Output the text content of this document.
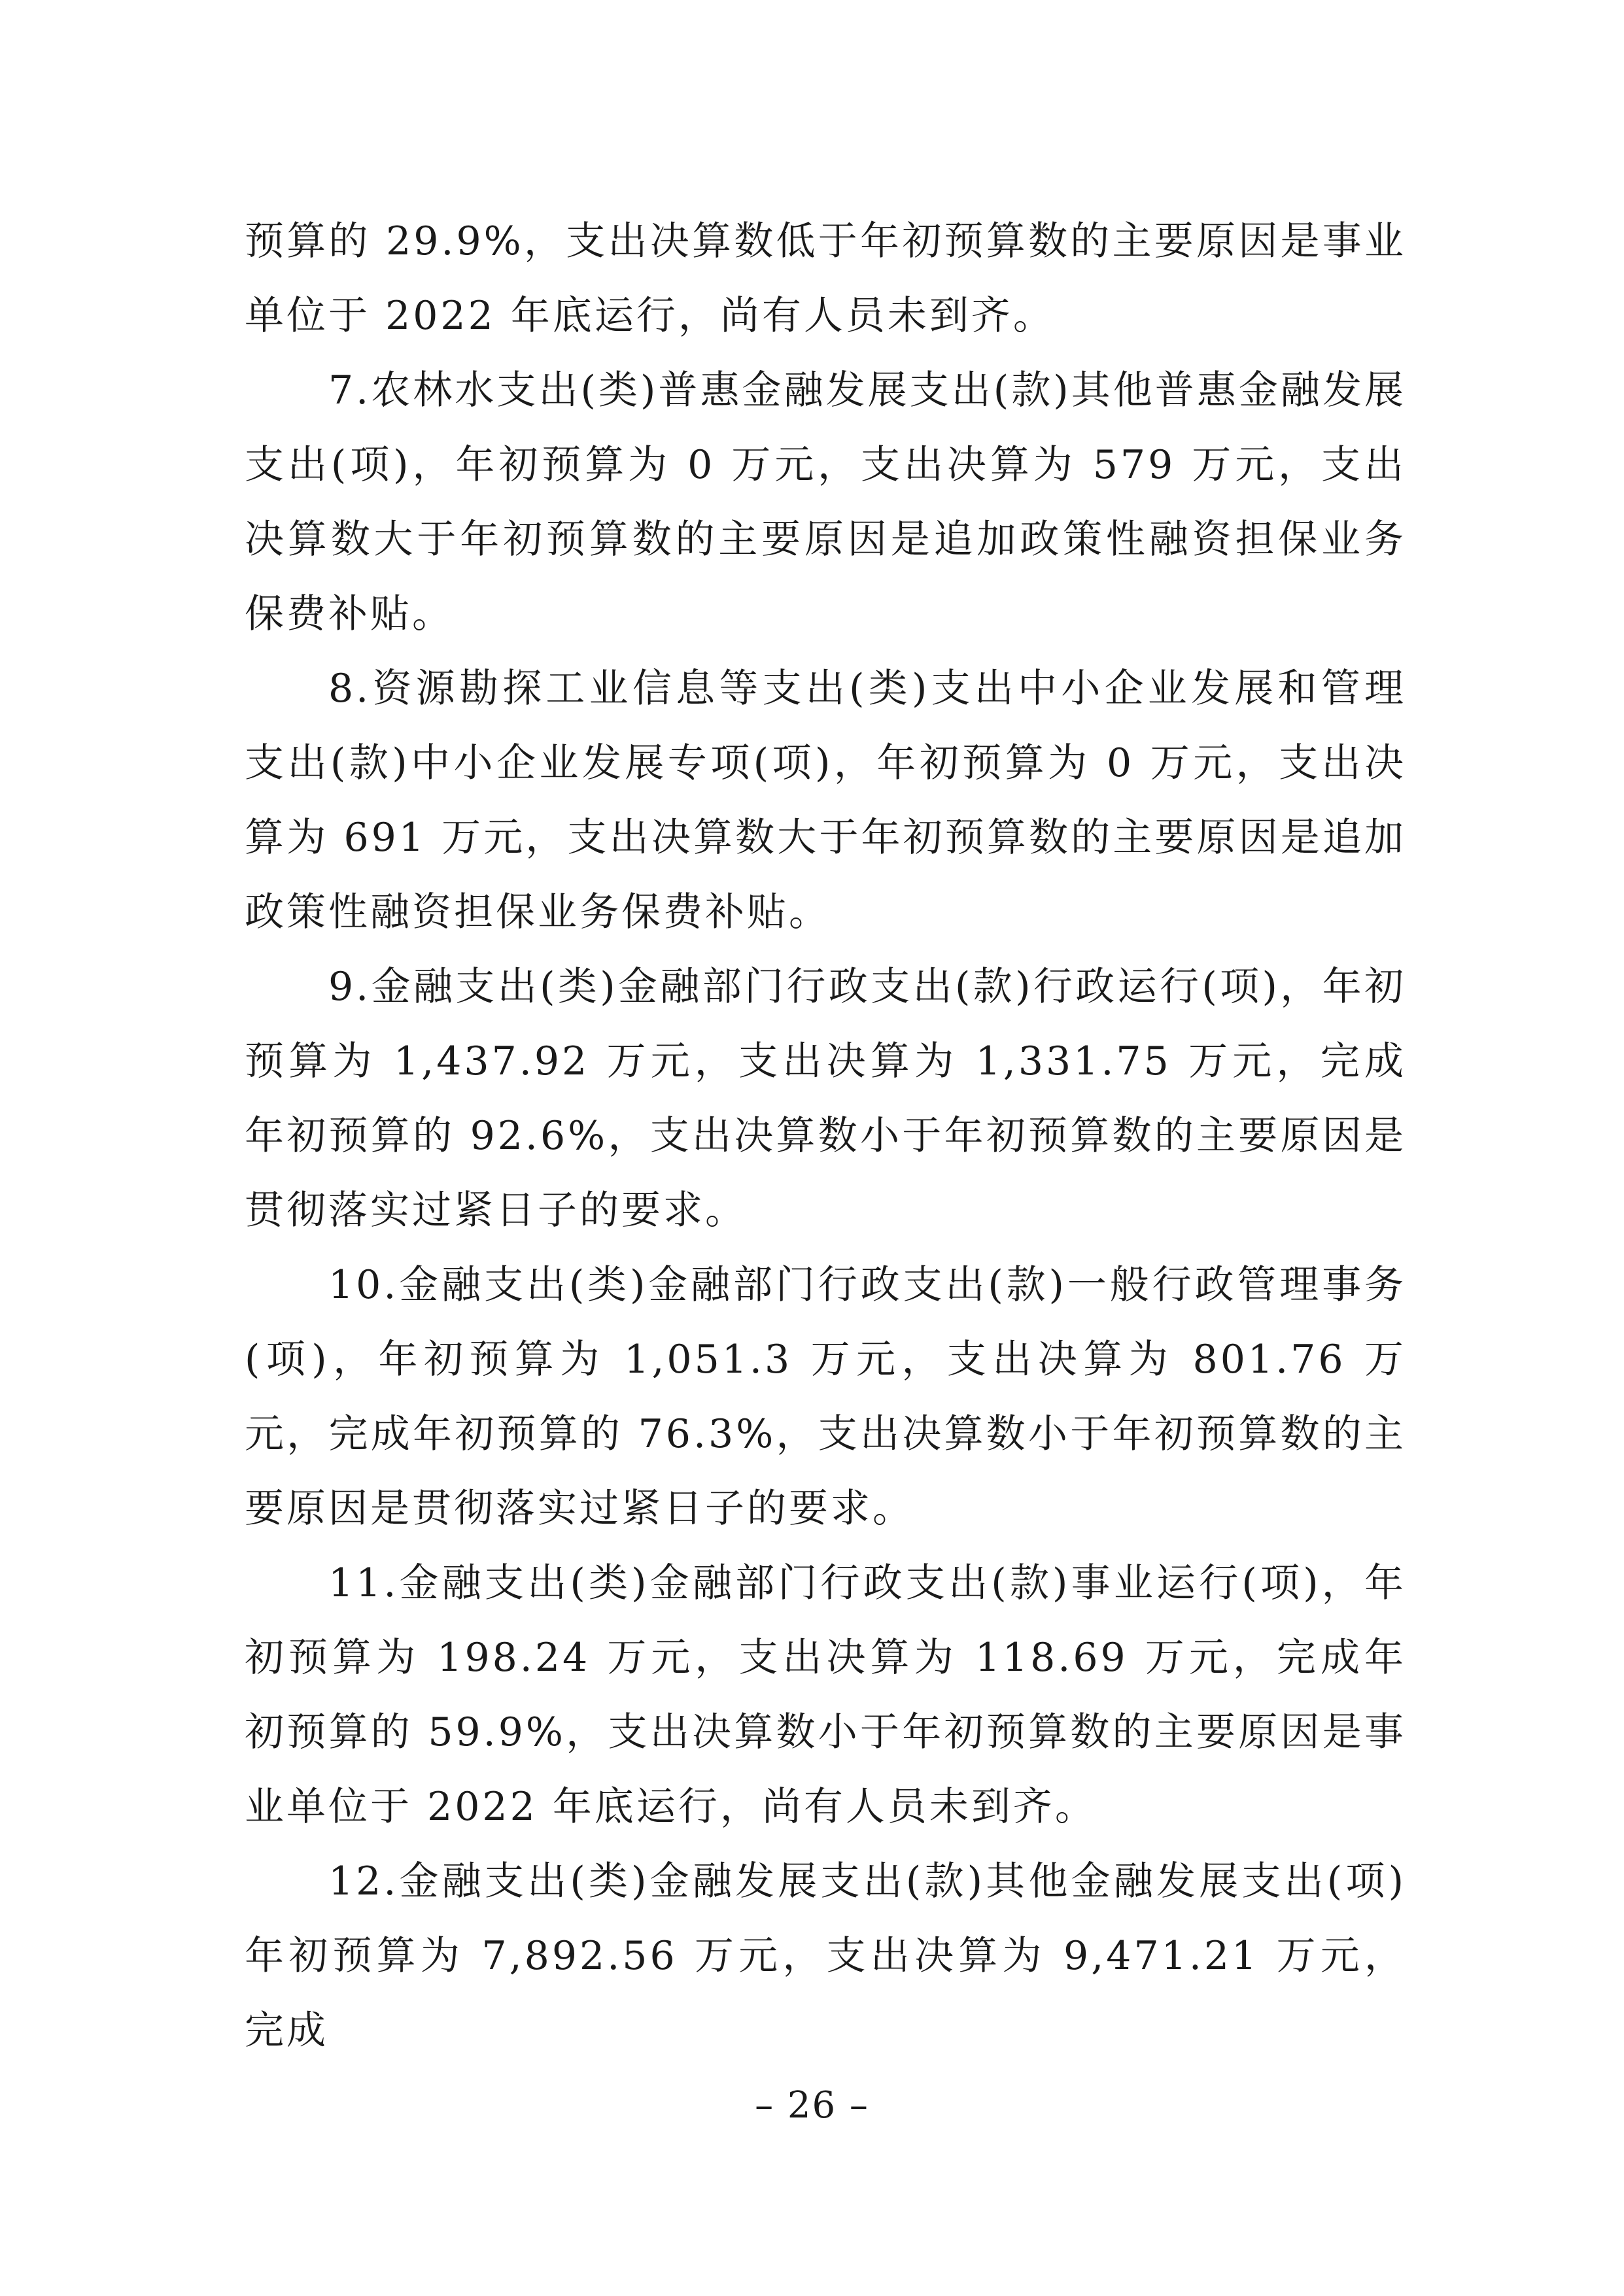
预算的 29.9%，支出决算数低于年初预算数的主要原因是事业单位于 2022 年底运行，尚有人员未到齐。

7.农林水支出(类)普惠金融发展支出(款)其他普惠金融发展支出(项)，年初预算为 0 万元，支出决算为 579 万元，支出决算数大于年初预算数的主要原因是追加政策性融资担保业务保费补贴。

8.资源勘探工业信息等支出(类)支出中小企业发展和管理支出(款)中小企业发展专项(项)，年初预算为 0 万元，支出决算为 691 万元，支出决算数大于年初预算数的主要原因是追加政策性融资担保业务保费补贴。

9.金融支出(类)金融部门行政支出(款)行政运行(项)，年初预算为 1,437.92 万元，支出决算为 1,331.75 万元，完成年初预算的 92.6%，支出决算数小于年初预算数的主要原因是贯彻落实过紧日子的要求。

10.金融支出(类)金融部门行政支出(款)一般行政管理事务(项)，年初预算为 1,051.3 万元，支出决算为 801.76 万元，完成年初预算的 76.3%，支出决算数小于年初预算数的主要原因是贯彻落实过紧日子的要求。

11.金融支出(类)金融部门行政支出(款)事业运行(项)，年初预算为 198.24 万元，支出决算为 118.69 万元，完成年初预算的 59.9%，支出决算数小于年初预算数的主要原因是事业单位于 2022 年底运行，尚有人员未到齐。

12.金融支出(类)金融发展支出(款)其他金融发展支出(项)年初预算为 7,892.56 万元，支出决算为 9,471.21 万元，完成

– 26 –
